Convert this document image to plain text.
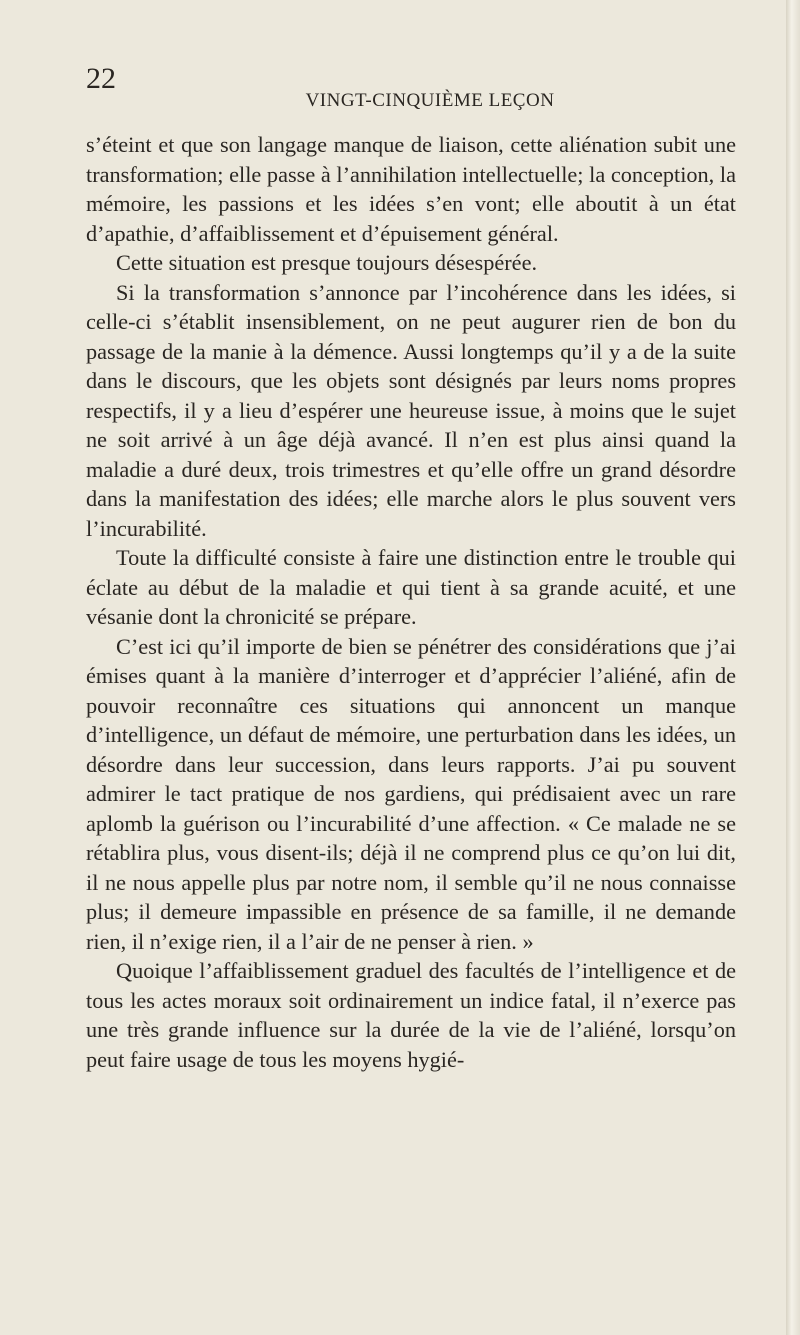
22
VINGT-CINQUIÈME LEÇON

s’éteint et que son langage manque de liaison, cette aliénation subit une transformation; elle passe à l’annihilation intellectuelle; la conception, la mémoire, les passions et les idées s’en vont; elle aboutit à un état d’apathie, d’affaiblissement et d’épuisement général.

Cette situation est presque toujours désespérée.

Si la transformation s’annonce par l’incohérence dans les idées, si celle-ci s’établit insensiblement, on ne peut augurer rien de bon du passage de la manie à la démence. Aussi longtemps qu’il y a de la suite dans le discours, que les objets sont désignés par leurs noms propres respectifs, il y a lieu d’espérer une heureuse issue, à moins que le sujet ne soit arrivé à un âge déjà avancé. Il n’en est plus ainsi quand la maladie a duré deux, trois trimestres et qu’elle offre un grand désordre dans la manifestation des idées; elle marche alors le plus souvent vers l’incurabilité.

Toute la difficulté consiste à faire une distinction entre le trouble qui éclate au début de la maladie et qui tient à sa grande acuité, et une vésanie dont la chronicité se prépare.

C’est ici qu’il importe de bien se pénétrer des considérations que j’ai émises quant à la manière d’interroger et d’apprécier l’aliéné, afin de pouvoir reconnaître ces situations qui annoncent un manque d’intelligence, un défaut de mémoire, une perturbation dans les idées, un désordre dans leur succession, dans leurs rapports. J’ai pu souvent admirer le tact pratique de nos gardiens, qui prédisaient avec un rare aplomb la guérison ou l’incurabilité d’une affection. « Ce malade ne se rétablira plus, vous disent-ils; déjà il ne comprend plus ce qu’on lui dit, il ne nous appelle plus par notre nom, il semble qu’il ne nous connaisse plus; il demeure impassible en présence de sa famille, il ne demande rien, il n’exige rien, il a l’air de ne penser à rien. »

Quoique l’affaiblissement graduel des facultés de l’intelligence et de tous les actes moraux soit ordinairement un indice fatal, il n’exerce pas une très grande influence sur la durée de la vie de l’aliéné, lorsqu’on peut faire usage de tous les moyens hygié-
